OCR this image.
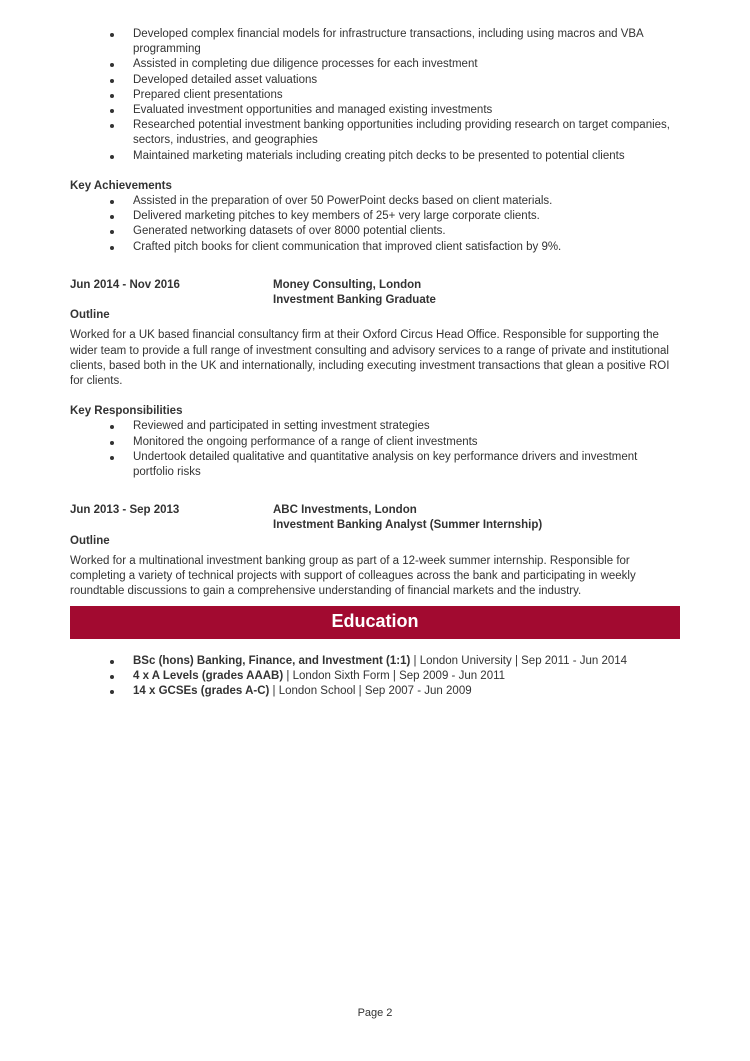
Developed complex financial models for infrastructure transactions, including using macros and VBA programming
Assisted in completing due diligence processes for each investment
Developed detailed asset valuations
Prepared client presentations
Evaluated investment opportunities and managed existing investments
Researched potential investment banking opportunities including providing research on target companies, sectors, industries, and geographies
Maintained marketing materials including creating pitch decks to be presented to potential clients

Key Achievements

Assisted in the preparation of over 50 PowerPoint decks based on client materials.
Delivered marketing pitches to key members of 25+ very large corporate clients.
Generated networking datasets of over 8000 potential clients.
Crafted pitch books for client communication that improved client satisfaction by 9%.
Jun 2014 - Nov 2016	Money Consulting, London
Investment Banking Graduate

Outline

Worked for a UK based financial consultancy firm at their Oxford Circus Head Office. Responsible for supporting the wider team to provide a full range of investment consulting and advisory services to a range of private and institutional clients, based both in the UK and internationally, including executing investment transactions that glean a positive ROI for clients.

Key Responsibilities

Reviewed and participated in setting investment strategies
Monitored the ongoing performance of a range of client investments
Undertook detailed qualitative and quantitative analysis on key performance drivers and investment portfolio risks
Jun 2013 - Sep 2013	ABC Investments, London
Investment Banking Analyst (Summer Internship)

Outline

Worked for a multinational investment banking group as part of a 12-week summer internship. Responsible for completing a variety of technical projects with support of colleagues across the bank and participating in weekly roundtable discussions to gain a comprehensive understanding of financial markets and the industry.

Education
BSc (hons) Banking, Finance, and Investment (1:1) | London University | Sep 2011 - Jun 2014
4 x A Levels (grades AAAB) | London Sixth Form | Sep 2009 - Jun 2011
14 x GCSEs (grades A-C) | London School | Sep 2007 - Jun 2009
Page 2
